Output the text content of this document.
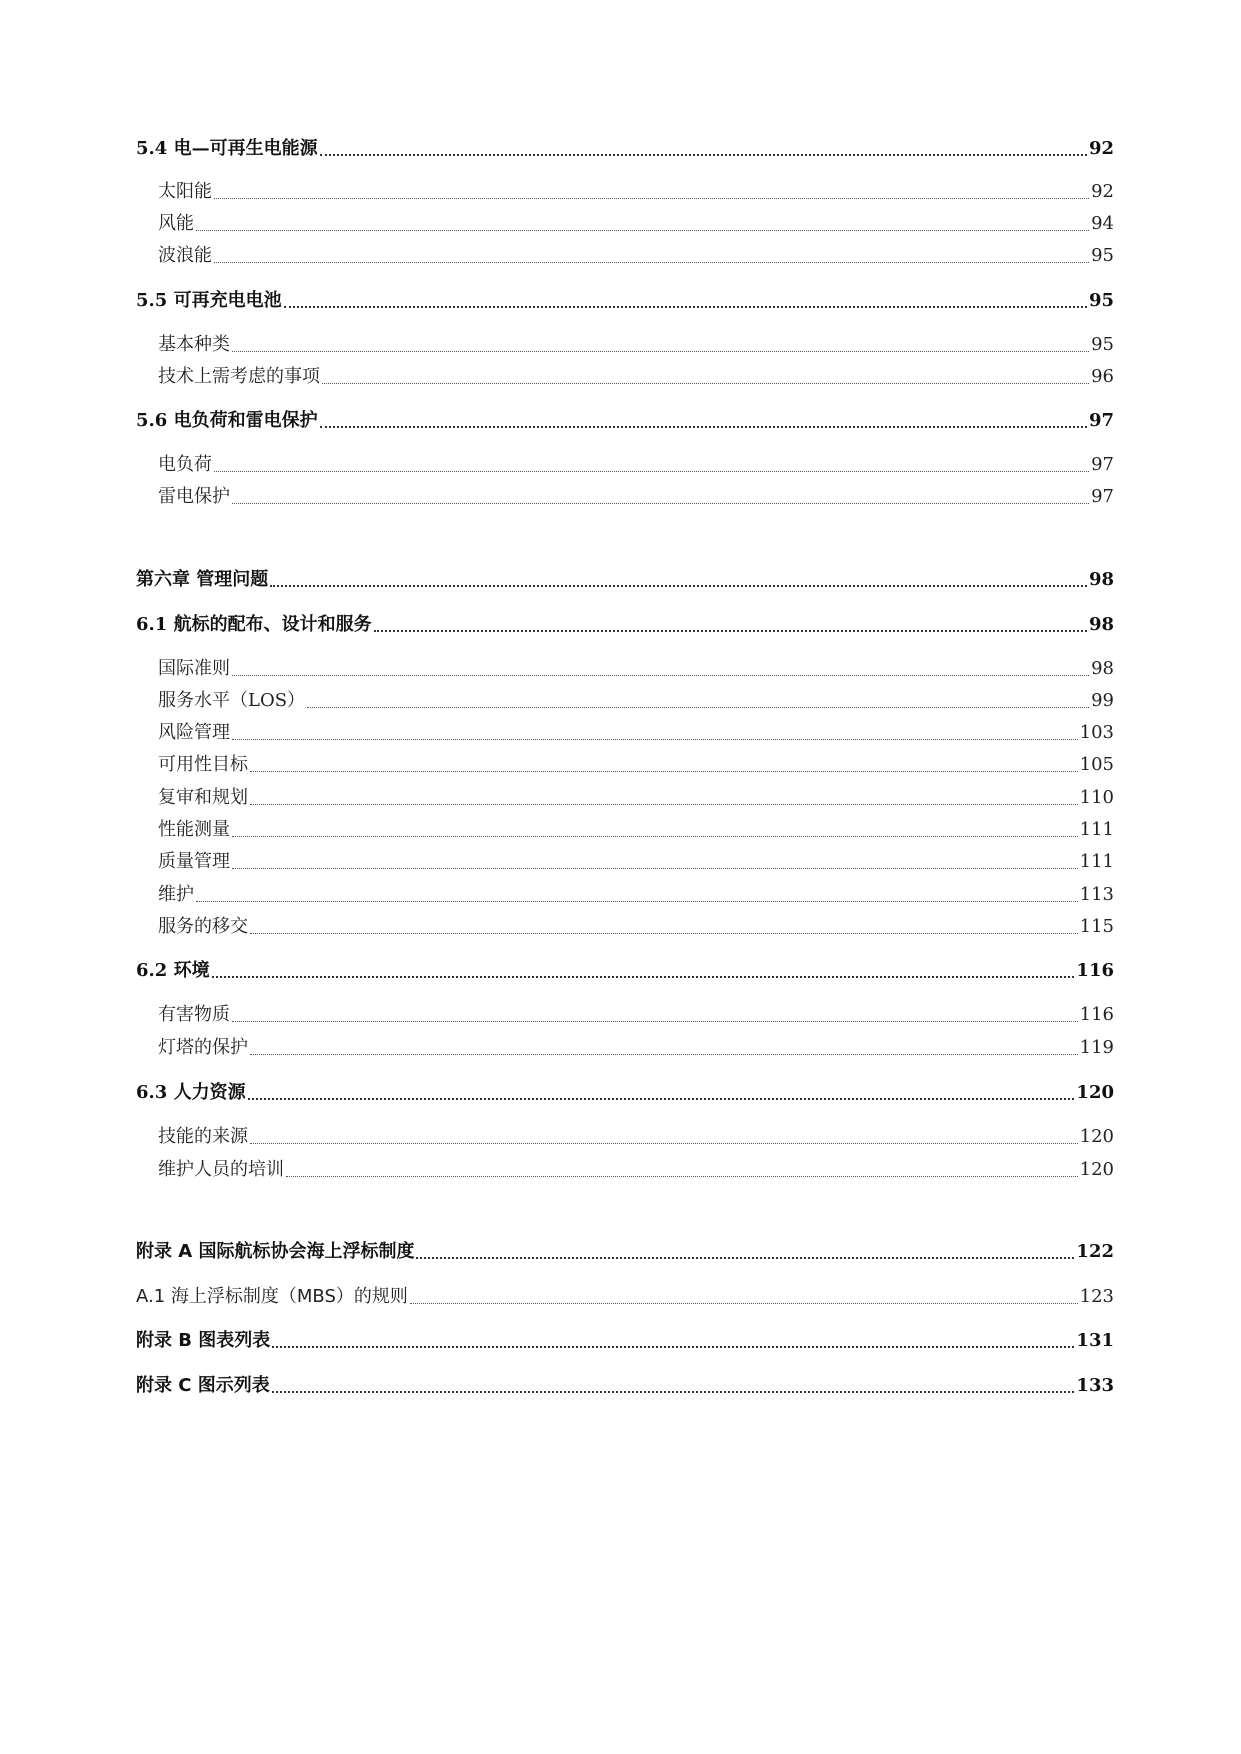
5.4 电—可再生电能源	92
太阳能	92
风能	94
波浪能	95
5.5 可再充电电池	95
基本种类	95
技术上需考虑的事项	96
5.6 电负荷和雷电保护	97
电负荷	97
雷电保护	97
第六章 管理问题	98
6.1 航标的配布、设计和服务	98
国际准则	98
服务水平（LOS）	99
风险管理	103
可用性目标	105
复审和规划	110
性能测量	111
质量管理	111
维护	113
服务的移交	115
6.2 环境	116
有害物质	116
灯塔的保护	119
6.3 人力资源	120
技能的来源	120
维护人员的培训	120
附录 A 国际航标协会海上浮标制度	122
A.1 海上浮标制度（MBS）的规则	123
附录 B 图表列表	131
附录 C 图示列表	133
